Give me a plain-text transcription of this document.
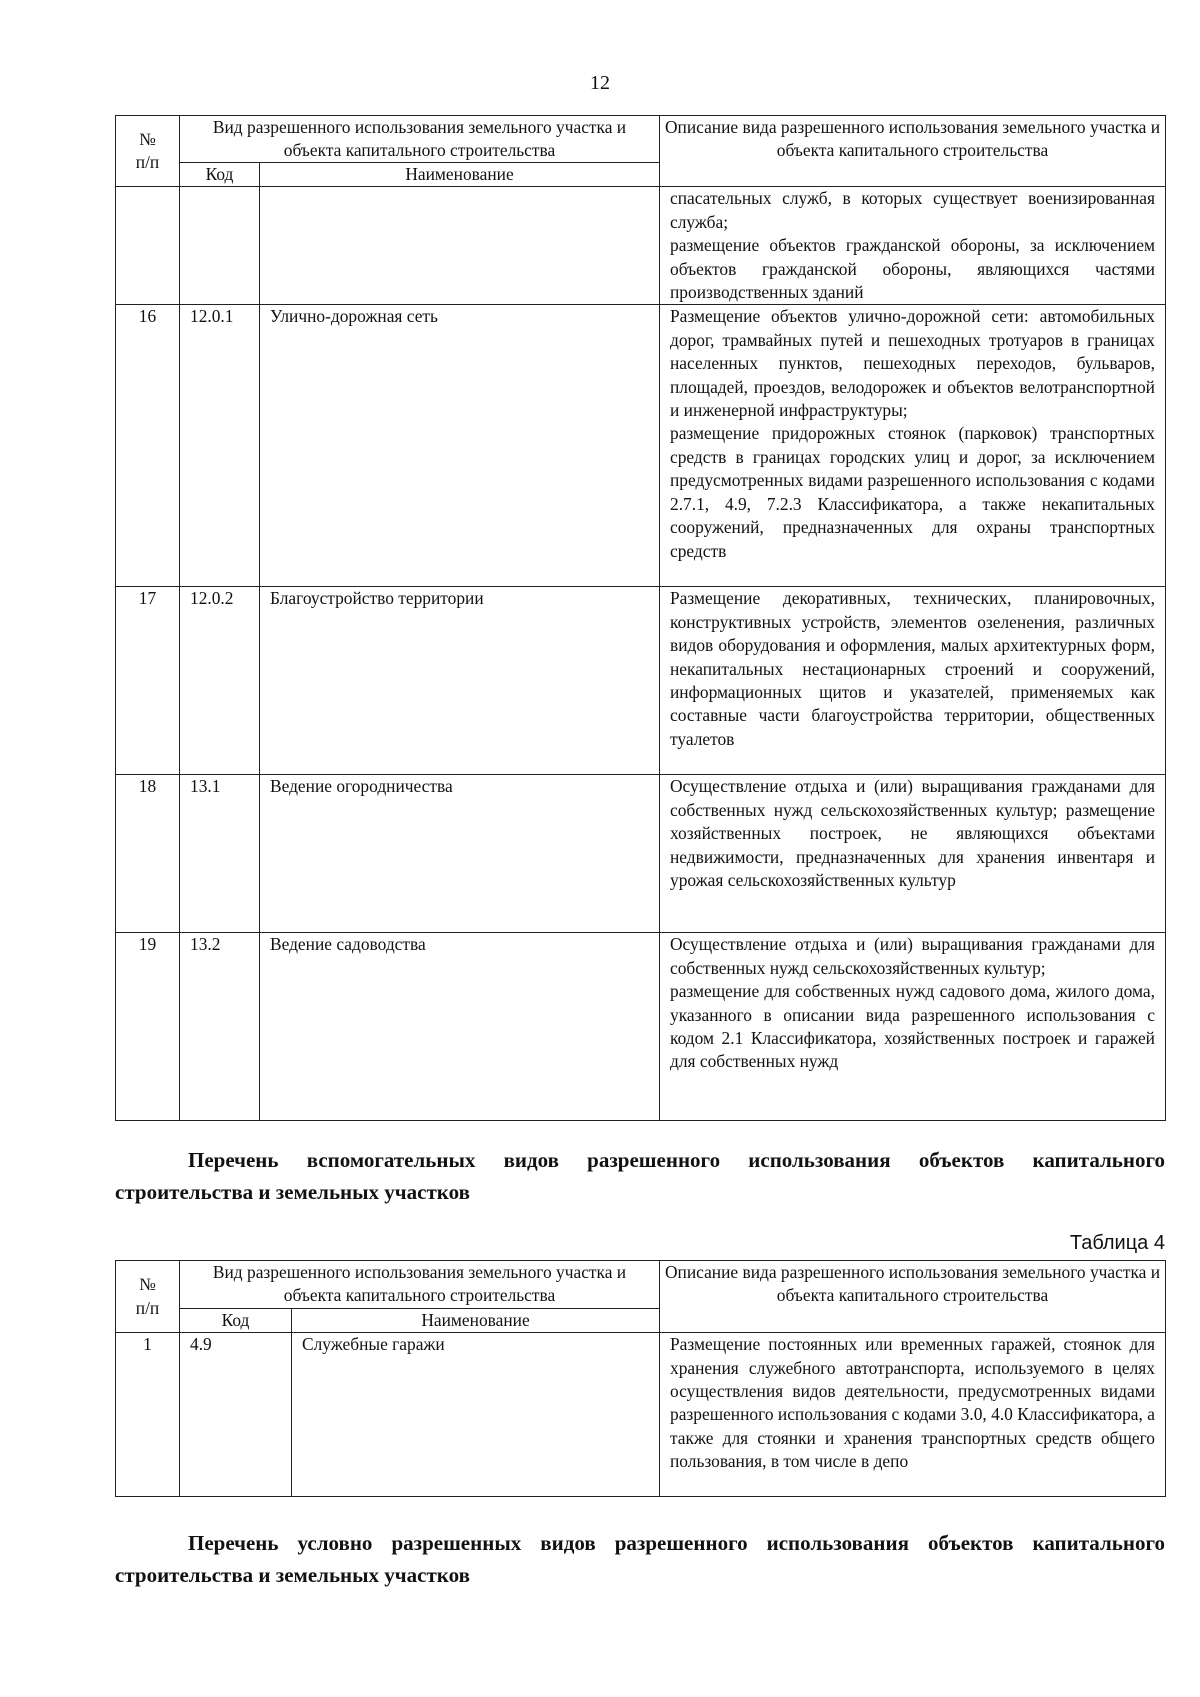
12
№
п/п	Вид разрешенного использования земельного участка и объекта капитального строительства		Описание вида разрешенного использования земельного участка и объекта капитального строительства
	Код	Наименование	

			спасательных служб, в которых существует военизированная служба;
размещение объектов гражданской обороны, за исключением объектов гражданской обороны, являющихся частями производственных зданий

16	12.0.1	Улично-дорожная сеть	Размещение объектов улично-дорожной сети: автомобильных дорог, трамвайных путей и пешеходных тротуаров в границах населенных пунктов, пешеходных переходов, бульваров, площадей, проездов, велодорожек и объектов велотранспортной и инженерной инфраструктуры;
размещение придорожных стоянок (парковок) транспортных средств в границах городских улиц и дорог, за исключением предусмотренных видами разрешенного использования с кодами 2.7.1, 4.9, 7.2.3 Классификатора, а также некапитальных сооружений, предназначенных для охраны транспортных средств

17	12.0.2	Благоустройство территории	Размещение декоративных, технических, планировочных, конструктивных устройств, элементов озеленения, различных видов оборудования и оформления, малых архитектурных форм, некапитальных нестационарных строений и сооружений, информационных щитов и указателей, применяемых как составные части благоустройства территории, общественных туалетов

18	13.1	Ведение огородничества	Осуществление отдыха и (или) выращивания гражданами для собственных нужд сельскохозяйственных культур; размещение хозяйственных построек, не являющихся объектами недвижимости, предназначенных для хранения инвентаря и урожая сельскохозяйственных культур

19	13.2	Ведение садоводства	Осуществление отдыха и (или) выращивания гражданами для собственных нужд сельскохозяйственных культур;
размещение для собственных нужд садового дома, жилого дома, указанного в описании вида разрешенного использования с кодом 2.1 Классификатора, хозяйственных построек и гаражей для собственных нужд
Перечень вспомогательных видов разрешенного использования объектов капитального строительства и земельных участков
Таблица 4
№
п/п	Вид разрешенного использования земельного участка и объекта капитального строительства		Описание вида разрешенного использования земельного участка и объекта капитального строительства
	Код	Наименование	
1	4.9	Служебные гаражи	Размещение постоянных или временных гаражей, стоянок для хранения служебного автотранспорта, используемого в целях осуществления видов деятельности, предусмотренных видами разрешенного использования с кодами 3.0, 4.0 Классификатора, а также для стоянки и хранения транспортных средств общего пользования, в том числе в депо
Перечень условно разрешенных видов разрешенного использования объектов капитального строительства и земельных участков
